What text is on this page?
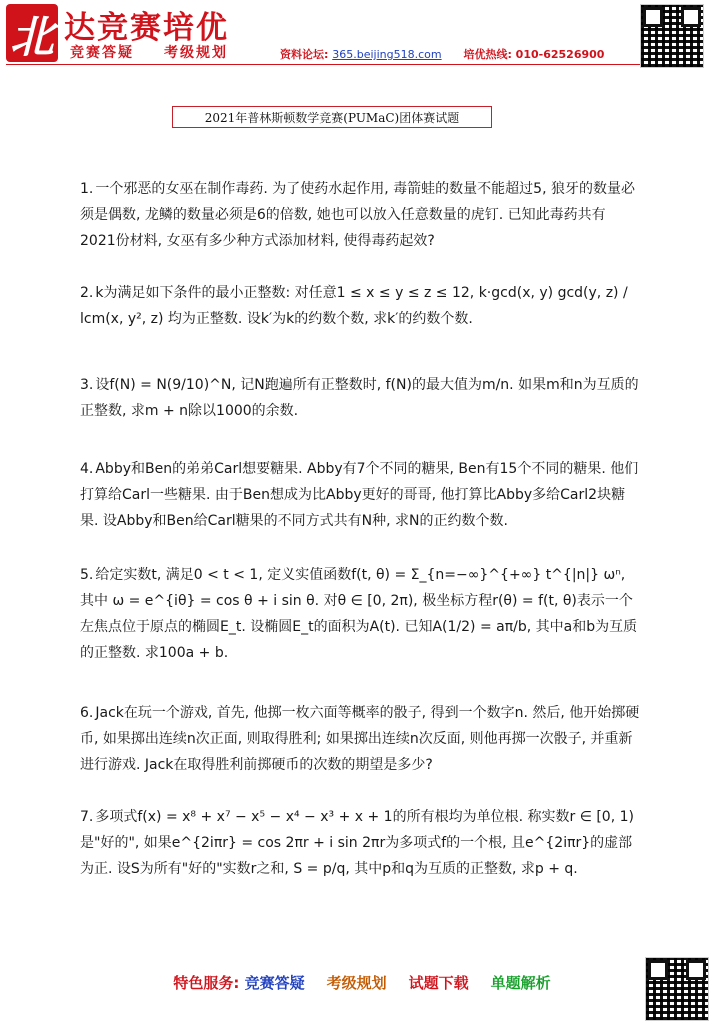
北 达竞赛培优
竞赛答疑 考级规划	资料论坛: 365.beijing518.com 培优热线: 010-62526900
2021年普林斯顿数学竞赛(PUMaC)团体赛试题
1. 一个邪恶的女巫在制作毒药. 为了使药水起作用, 毒箭蛙的数量不能超过5, 狼牙的数量必须是偶数, 龙鳞的数量必须是6的倍数, 她也可以放入任意数量的虎钉. 已知此毒药共有2021份材料, 女巫有多少种方式添加材料, 使得毒药起效?
2. k为满足如下条件的最小正整数: 对任意1 ≤ x ≤ y ≤ z ≤ 12, k·gcd(x, y) gcd(y, z) / lcm(x, y², z) 均为正整数. 设k′为k的约数个数, 求k′的约数个数.
3. 设f(N) = N(9/10)^N, 记N跑遍所有正整数时, f(N)的最大值为m/n. 如果m和n为互质的正整数, 求m + n除以1000的余数.
4. Abby和Ben的弟弟Carl想要糖果. Abby有7个不同的糖果, Ben有15个不同的糖果. 他们打算给Carl一些糖果. 由于Ben想成为比Abby更好的哥哥, 他打算比Abby多给Carl2块糖果. 设Abby和Ben给Carl糖果的不同方式共有N种, 求N的正约数个数.
5. 给定实数t, 满足0 < t < 1, 定义实值函数f(t, θ) = Σ_{n=−∞}^{+∞} t^{|n|} ωⁿ, 其中 ω = e^{iθ} = cos θ + i sin θ. 对θ ∈ [0, 2π), 极坐标方程r(θ) = f(t, θ)表示一个左焦点位于原点的椭圆E_t. 设椭圆E_t的面积为A(t). 已知A(1/2) = aπ/b, 其中a和b为互质的正整数. 求100a + b.
6. Jack在玩一个游戏, 首先, 他掷一枚六面等概率的骰子, 得到一个数字n. 然后, 他开始掷硬币, 如果掷出连续n次正面, 则取得胜利; 如果掷出连续n次反面, 则他再掷一次骰子, 并重新进行游戏. Jack在取得胜利前掷硬币的次数的期望是多少?
7. 多项式f(x) = x⁸ + x⁷ − x⁵ − x⁴ − x³ + x + 1的所有根均为单位根. 称实数r ∈ [0, 1)是"好的", 如果e^{2iπr} = cos 2πr + i sin 2πr为多项式f的一个根, 且e^{2iπr}的虚部为正. 设S为所有"好的"实数r之和, S = p/q, 其中p和q为互质的正整数, 求p + q.
特色服务: 竞赛答疑 考级规划 试题下载 单题解析
